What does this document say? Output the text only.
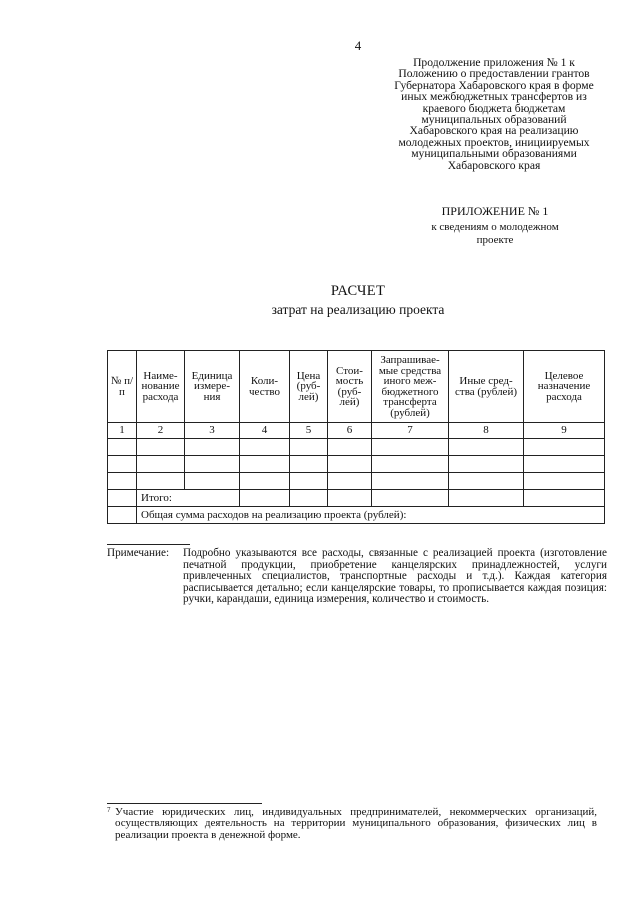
4
Продолжение приложения № 1 к
Положению о предоставлении грантов
Губернатора Хабаровского края в форме
иных межбюджетных трансфертов из
краевого бюджета бюджетам
муниципальных образований
Хабаровского края на реализацию
молодежных проектов, инициируемых
муниципальными образованиями
Хабаровского края
ПРИЛОЖЕНИЕ № 1
к сведениям о молодежном
проекте
РАСЧЕТ
затрат на реализацию проекта
№ п/п	Наиме-нование расхода	Единица измере-ния	Коли-чество	Цена (руб-лей)	Стои-мость (руб-лей)	Запрашивае-мые средства иного меж-бюджетного трансферта (рублей)	Иные сред-ства (рублей)	Целевое назначение расхода
1	2	3	4	5	6	7	8	9

	Итого:							
	Общая сумма расходов на реализацию проекта (рублей):							
Примечание: Подробно указываются все расходы, связанные с реализацией проекта (изготовление печатной продукции, приобретение канцелярских принадлежностей, услуги привлеченных специалистов, транспортные расходы и т.д.). Каждая категория расписывается детально; если канцелярские товары, то прописывается каждая позиция: ручки, карандаши, единица измерения, количество и стоимость.
7 Участие юридических лиц, индивидуальных предпринимателей, некоммерческих организаций, осуществляющих деятельность на территории муниципального образования, физических лиц в реализации проекта в денежной форме.
